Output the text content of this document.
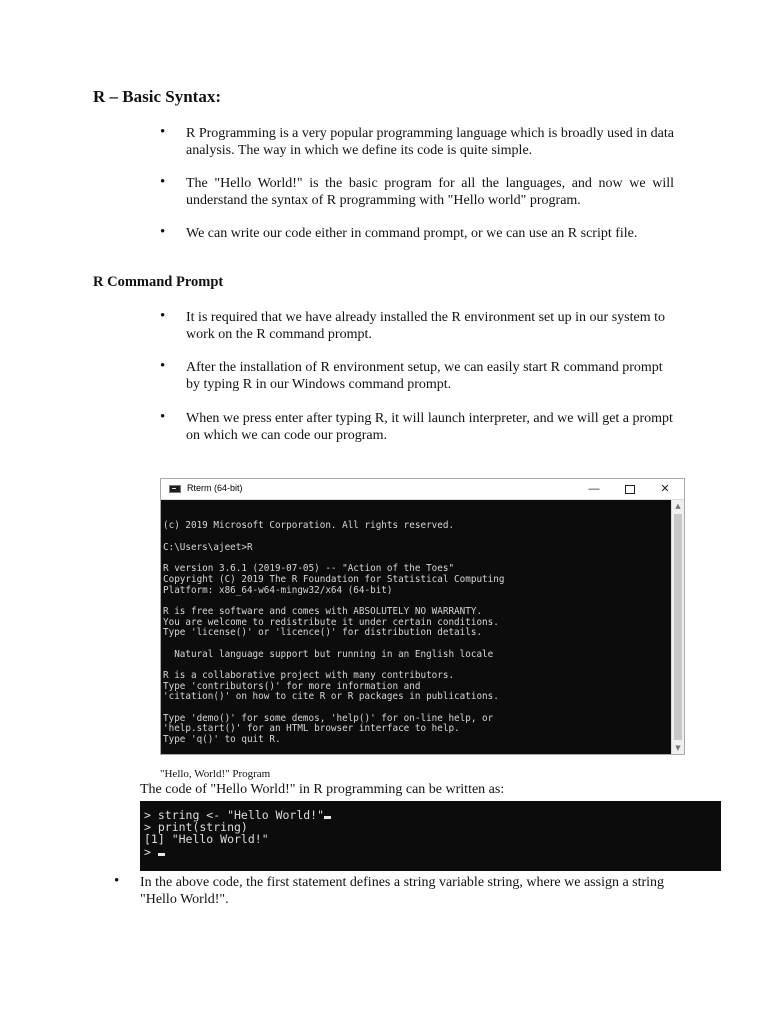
R – Basic Syntax:

• R Programming is a very popular programming language which is broadly used in data analysis. The way in which we define its code is quite simple.

• The "Hello World!" is the basic program for all the languages, and now we will understand the syntax of R programming with "Hello world" program.

• We can write our code either in command prompt, or we can use an R script file.

R Command Prompt

• It is required that we have already installed the R environment set up in our system to work on the R command prompt.

• After the installation of R environment setup, we can easily start R command prompt by typing R in our Windows command prompt.

• When we press enter after typing R, it will launch interpreter, and we will get a prompt on which we can code our program.

Rterm (64-bit)	—	✕

(c) 2019 Microsoft Corporation. All rights reserved.
C:\Users\ajeet>R
R version 3.6.1 (2019-07-05) -- "Action of the Toes"
Copyright (C) 2019 The R Foundation for Statistical Computing
Platform: x86_64-w64-mingw32/x64 (64-bit)
R is free software and comes with ABSOLUTELY NO WARRANTY.
You are welcome to redistribute it under certain conditions.
Type 'license()' or 'licence()' for distribution details.
Natural language support but running in an English locale
R is a collaborative project with many contributors.
Type 'contributors()' for more information and
'citation()' on how to cite R or R packages in publications.
Type 'demo()' for some demos, 'help()' for on-line help, or
'help.start()' for an HTML browser interface to help.
Type 'q()' to quit R.

▲
▼

"Hello, World!" Program

The code of "Hello World!" in R programming can be written as:

> string <- "Hello World!"
> print(string)
[1] "Hello World!"
>

• In the above code, the first statement defines a string variable string, where we assign a string "Hello World!".
